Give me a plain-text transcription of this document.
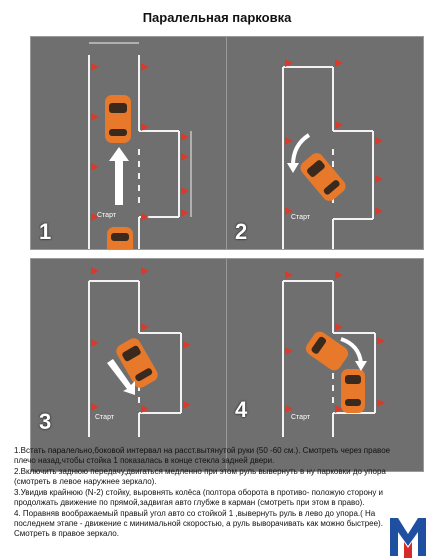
Паралельная парковка
Старт
1
Старт
2
Старт
3	Старт
4

1.Встать паралельно,боковой интервал на расст.вытянутой руки (50 -60 см.). Смотреть через правое плечо назад,чтобы стойка 1 показалась в конце стекла задней двери.

2.Включить заднюю передачу,двигаться медленно при этом руль вывернуть в ну парковки до упора (смотреть в левое наружнее зеркало).

3.Увидив крайнюю (N-2) стойку, выровнять колёса (полтора оборота в противо- положую сторону и продолжать движение по прямой,задвигая авто глубже в карман (смотреть при этом в право).

4. Поравняв воображаемый правый угол авто со стойкой 1 ,вывернуть руль в лево до упора.( На последнем этапе - движение с минимальной скоростью, а руль выворачивать как можно быстрее). Смотреть в правое зеркало.
